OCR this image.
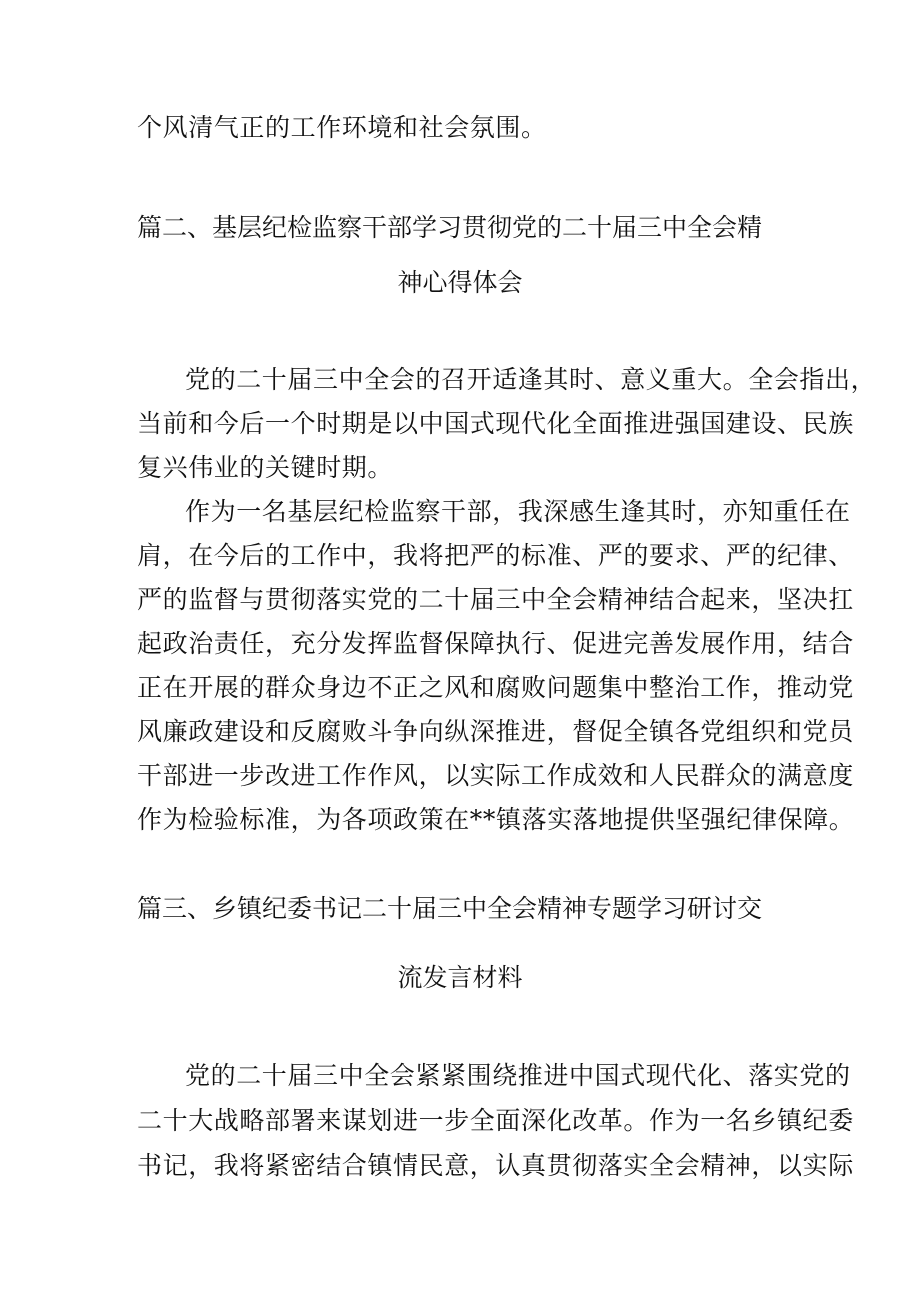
个风清气正的工作环境和社会氛围。
篇二、基层纪检监察干部学习贯彻党的二十届三中全会精
神心得体会
党的二十届三中全会的召开适逢其时、意义重大。全会指出，
当前和今后一个时期是以中国式现代化全面推进强国建设、民族
复兴伟业的关键时期。
作为一名基层纪检监察干部，我深感生逢其时，亦知重任在
肩，在今后的工作中，我将把严的标准、严的要求、严的纪律、
严的监督与贯彻落实党的二十届三中全会精神结合起来，坚决扛
起政治责任，充分发挥监督保障执行、促进完善发展作用，结合
正在开展的群众身边不正之风和腐败问题集中整治工作，推动党
风廉政建设和反腐败斗争向纵深推进，督促全镇各党组织和党员
干部进一步改进工作作风，以实际工作成效和人民群众的满意度
作为检验标准，为各项政策在**镇落实落地提供坚强纪律保障。
篇三、乡镇纪委书记二十届三中全会精神专题学习研讨交
流发言材料
党的二十届三中全会紧紧围绕推进中国式现代化、落实党的
二十大战略部署来谋划进一步全面深化改革。作为一名乡镇纪委
书记，我将紧密结合镇情民意，认真贯彻落实全会精神，以实际
